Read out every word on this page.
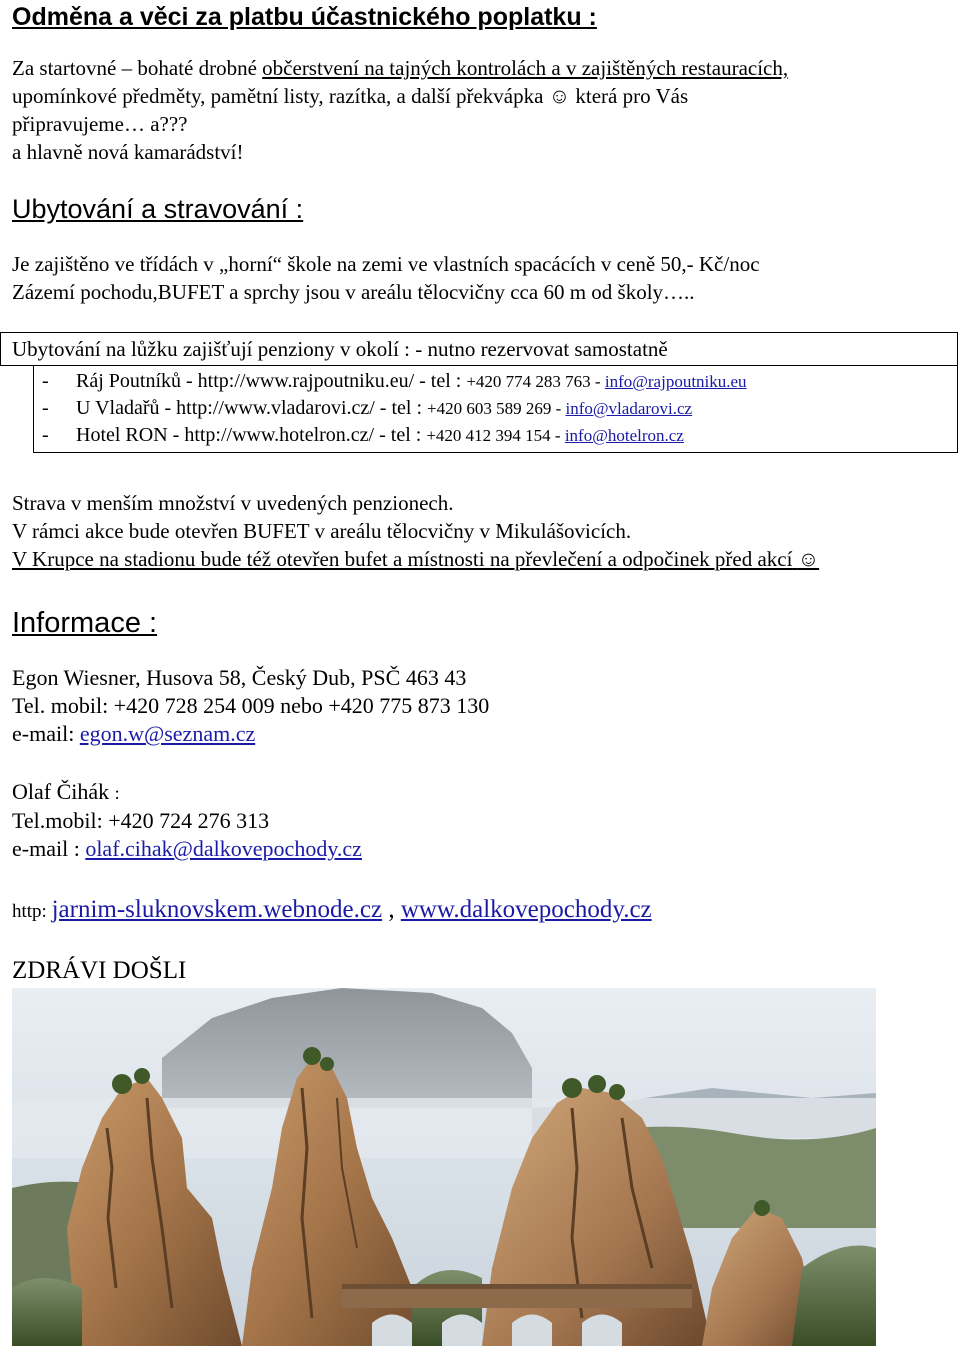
Odměna a věci za platbu účastnického poplatku :
Za startovné – bohaté drobné občerstvení na tajných kontrolách a v zajištěných restauracích,
upomínkové předměty, pamětní listy, razítka, a další překvápka ☺ která pro Vás
připravujeme… a???
a hlavně nová kamarádství!
Ubytování a stravování :
Je zajištěno ve třídách v „horní“ škole na zemi ve vlastních spacácích v ceně 50,- Kč/noc
Zázemí pochodu,BUFET a sprchy jsou v areálu tělocvičny cca 60 m od školy…..
Ubytování na lůžku zajišťují penziony v okolí : - nutno rezervovat samostatně
- Ráj Poutníků - http://www.rajpoutniku.eu/ - tel : +420 774 283 763 - info@rajpoutniku.eu
- U Vladařů - http://www.vladarovi.cz/ - tel : +420 603 589 269 - info@vladarovi.cz
- Hotel RON - http://www.hotelron.cz/ - tel : +420 412 394 154 - info@hotelron.cz
Strava v menším množství v uvedených penzionech.
V rámci akce bude otevřen BUFET v areálu tělocvičny v Mikulášovicích.
V Krupce na stadionu bude též otevřen bufet a místnosti na převlečení a odpočinek před akcí ☺
Informace :
Egon Wiesner, Husova 58, Český Dub, PSČ 463 43
Tel. mobil: +420 728 254 009 nebo +420 775 873 130
e-mail: egon.w@seznam.cz
Olaf Čihák :
Tel.mobil: +420 724 276 313
e-mail : olaf.cihak@dalkovepochody.cz
http: jarnim-sluknovskem.webnode.cz , www.dalkovepochody.cz
ZDRÁVI DOŠLI
